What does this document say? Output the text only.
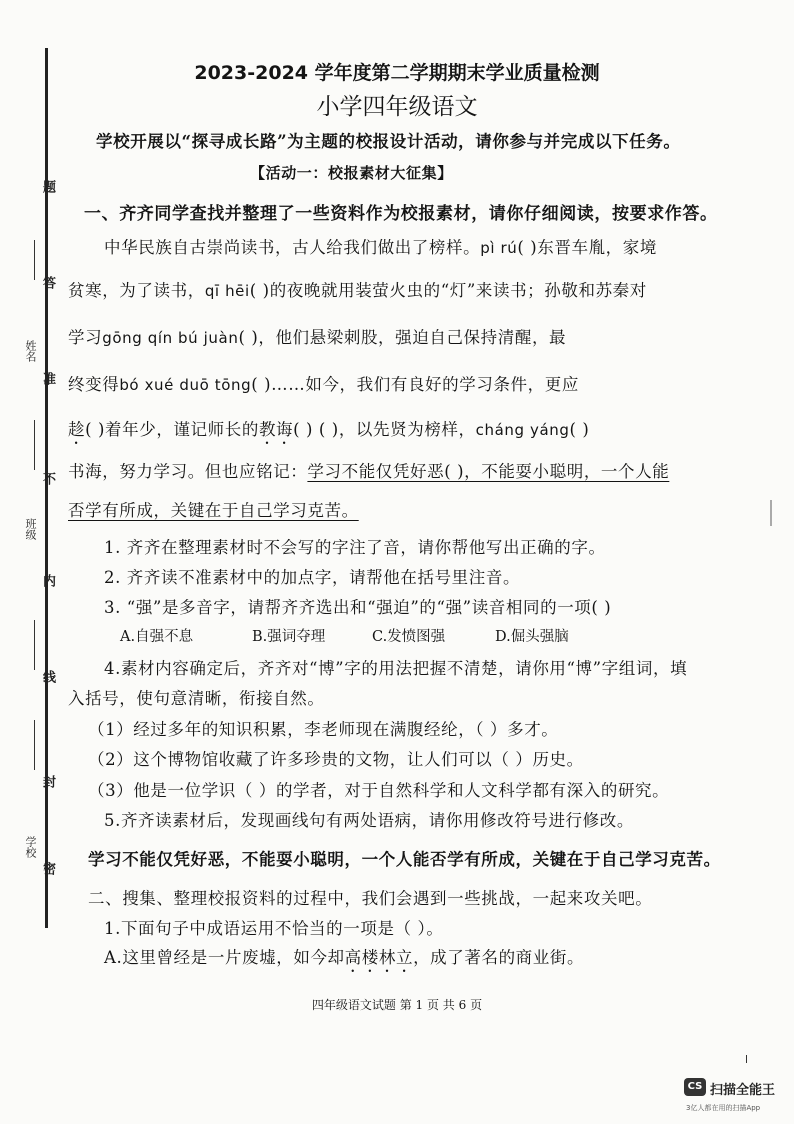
题
答
姓名
准
不
班级
内
线
封
学校
密
2023-2024 学年度第二学期期末学业质量检测
小学四年级语文
学校开展以“探寻成长路”为主题的校报设计活动，请你参与并完成以下任务。
【活动一：校报素材大征集】
一、齐齐同学查找并整理了一些资料作为校报素材，请你仔细阅读，按要求作答。
中华民族自古崇尚读书，古人给我们做出了榜样。pì rú( )东晋车胤，家境
贫寒，为了读书，qī hēi( )的夜晚就用装萤火虫的“灯”来读书；孙敬和苏秦对
学习gōng qín bú juàn( )，他们悬梁刺股，强迫自己保持清醒，最
终变得bó xué duō tōng( )……如今，我们有良好的学习条件，更应
趁( )着年少，谨记师长的教诲( ) ( )，以先贤为榜样，cháng yáng( )
书海，努力学习。但也应铭记：学习不能仅凭好恶( )，不能耍小聪明，一个人能
否学有所成，关键在于自己学习克苦。
1. 齐齐在整理素材时不会写的字注了音，请你帮他写出正确的字。
2. 齐齐读不准素材中的加点字，请帮他在括号里注音。
3. “强”是多音字，请帮齐齐选出和“强迫”的“强”读音相同的一项( )
A.自强不息	B.强词夺理	C.发愤图强	D.倔头强脑
4.素材内容确定后，齐齐对“博”字的用法把握不清楚，请你用“博”字组词，填
入括号，使句意清晰，衔接自然。
（1）经过多年的知识积累，李老师现在满腹经纶，（ ）多才。
（2）这个博物馆收藏了许多珍贵的文物，让人们可以（ ）历史。
（3）他是一位学识（ ）的学者，对于自然科学和人文科学都有深入的研究。
5.齐齐读素材后，发现画线句有两处语病，请你用修改符号进行修改。
学习不能仅凭好恶，不能耍小聪明，一个人能否学有所成，关键在于自己学习克苦。
二、搜集、整理校报资料的过程中，我们会遇到一些挑战，一起来攻关吧。
1.下面句子中成语运用不恰当的一项是（ ）。
A.这里曾经是一片废墟，如今却高楼林立，成了著名的商业街。
四年级语文试题 第 1 页 共 6 页
CS 扫描全能王
3亿人都在用的扫描App
